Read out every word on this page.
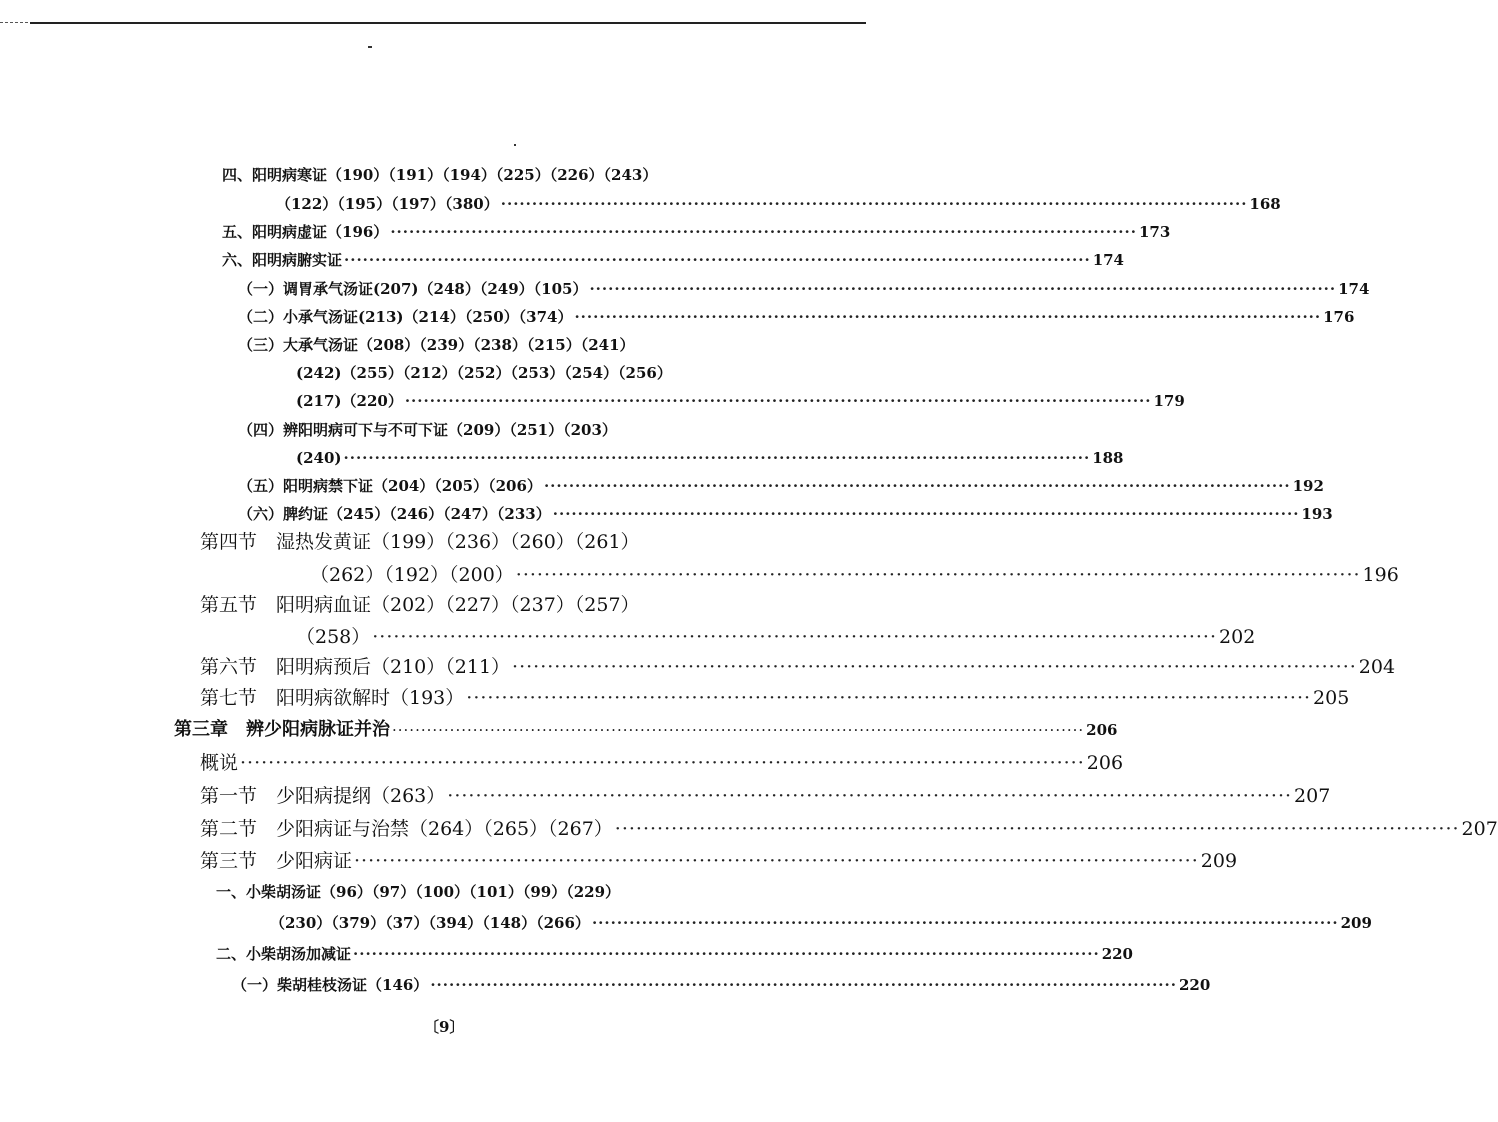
四、阳明病寒证（190）（191）（194）（225）（226）（243）
（122）（195）（197）（380） ························································································································ 168
五、阳明病虚证（196） ························································································································ 173
六、阳明病腑实证 ························································································································ 174
（一）调胃承气汤证(207)（248）（249）（105） ························································································································ 174
（二）小承气汤证(213)（214）（250）（374） ························································································································ 176
（三）大承气汤证（208）（239）（238）（215）（241）
(242)（255）（212）（252）（253）（254）（256）
(217)（220） ························································································································ 179
（四）辨阳明病可下与不可下证（209）（251）（203）
(240) ························································································································ 188
（五）阳明病禁下证（204）（205）（206） ························································································································ 192
（六）脾约证（245）（246）（247）（233） ························································································································ 193
第四节　湿热发黄证（199）（236）（260）（261）
（262）（192）（200） ························································································································ 196
第五节　阳明病血证（202）（227）（237）（257）
（258） ························································································································ 202
第六节　阳明病预后（210）（211） ························································································································ 204
第七节　阳明病欲解时（193） ························································································································ 205
第三章　辨少阳病脉证并治 ························································································································ 206
概说 ························································································································ 206
第一节　少阳病提纲（263） ························································································································ 207
第二节　少阳病证与治禁（264）（265）（267） ························································································································ 207
第三节　少阳病证 ························································································································ 209
一、小柴胡汤证（96）（97）（100）（101）（99）（229）
（230）（379）（37）（394）（148）（266） ························································································································ 209
二、小柴胡汤加减证 ························································································································ 220
（一）柴胡桂枝汤证（146） ························································································································ 220
〔9〕
